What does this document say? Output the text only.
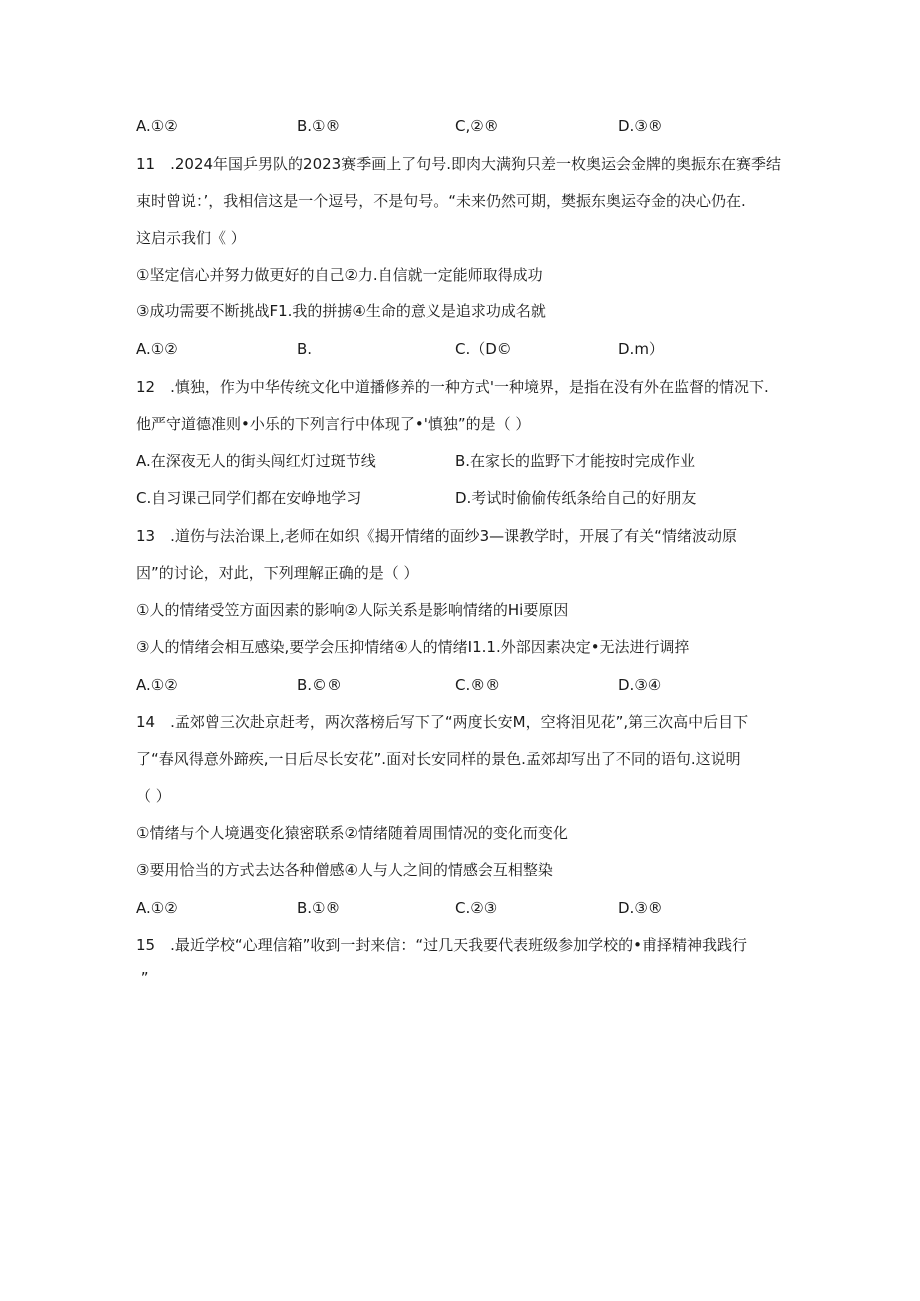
A.①②	B.①®	C,②®	D.③®
11　.2024年国乒男队的2023赛季画上了句号.即肉大满狗只差一枚奥运会金牌的奥振东在赛季结
束时曾说：’，我相信这是一个逗号，不是句号。“未来仍然可期，樊振东奥运夺金的决心仍在.
这启示我们《 ）
①坚定信心并努力做更好的自己②力.自信就一定能师取得成功
③成功需要不断挑战F1.我的拼掳④生命的意义是追求功成名就
A.①②	B.	C.（D©	D.m）
12　.慎独，作为中华传统文化中道播修养的一种方式'一种境界，是指在没有外在监督的情况下.
他严守道德准则•小乐的下列言行中体现了•'慎独”的是（ ）
A.在深夜无人的街头闯红灯过斑节线	B.在家长的监野下才能按时完成作业
C.自习课己同学们都在安峥地学习	D.考试时偷偷传纸条给自己的好朋友
13　.道伤与法治课上,老师在如织《揭开情绪的面纱3—课教学时，开展了有关“情绪波动原
因”的讨论，对此，下列理解正确的是（ ）
①人的情绪受笠方面因素的影响②人际关系是影响情绪的Hi要原因
③人的情绪会相互感染,要学会压抑情绪④人的情绪I1.1.外部因素决定•无法进行调捽
A.①②	B.©®	C.®®	D.③④
14　.孟郊曾三次赴京赶考，两次落榜后写下了“两度长安M，空将泪见花”,第三次高中后目下
了“春风得意外蹄疾,一日后尽长安花”.面对长安同样的景色.孟郊却写出了不同的语句.这说明
（ ）
①情绪与个人境遇变化猿密联系②情绪随着周围情况的变化而变化
③要用恰当的方式去达各种僧感④人与人之间的情感会互相整染
A.①②	B.①®	C.②③	D.③®
15　.最近学校“心理信箱”收到一封来信：“过几天我要代表班级参加学校的•甫择精神我践行
”
